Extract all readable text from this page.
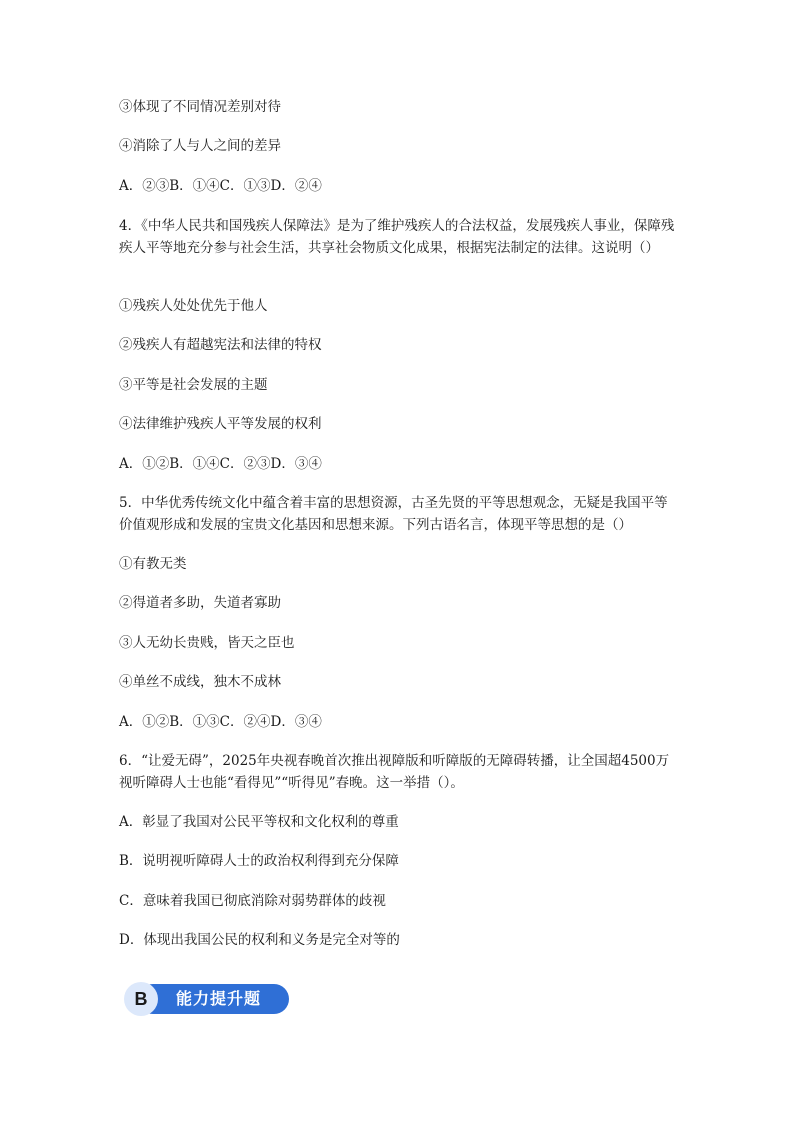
③体现了不同情况差别对待
④消除了人与人之间的差异
A．②③B．①④C．①③D．②④
4．《中华人民共和国残疾人保障法》是为了维护残疾人的合法权益，发展残疾人事业，保障残疾人平等地充分参与社会生活，共享社会物质文化成果，根据宪法制定的法律。这说明（）
①残疾人处处优先于他人
②残疾人有超越宪法和法律的特权
③平等是社会发展的主题
④法律维护残疾人平等发展的权利
A．①②B．①④C．②③D．③④
5．中华优秀传统文化中蕴含着丰富的思想资源，古圣先贤的平等思想观念，无疑是我国平等价值观形成和发展的宝贵文化基因和思想来源。下列古语名言，体现平等思想的是（）
①有教无类
②得道者多助，失道者寡助
③人无幼长贵贱，皆天之臣也
④单丝不成线，独木不成林
A．①②B．①③C．②④D．③④
6．“让爱无碍”，2025年央视春晚首次推出视障版和听障版的无障碍转播，让全国超4500万视听障碍人士也能“看得见”“听得见”春晚。这一举措（）。
A．彰显了我国对公民平等权和文化权利的尊重
B．说明视听障碍人士的政治权利得到充分保障
C．意味着我国已彻底消除对弱势群体的歧视
D．体现出我国公民的权利和义务是完全对等的
B	能力提升题
